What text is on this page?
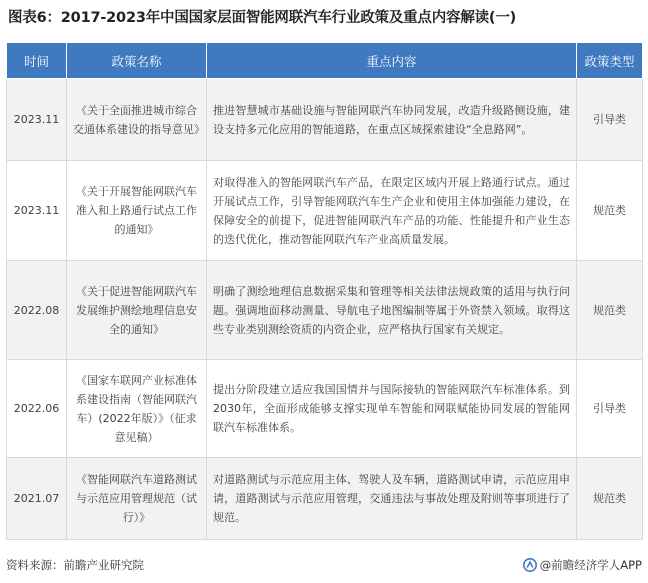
图表6：2017-2023年中国国家层面智能网联汽车行业政策及重点内容解读(一)
时间	政策名称	重点内容	政策类型
2023.11	《关于全面推进城市综合交通体系建设的指导意见》	推进智慧城市基础设施与智能网联汽车协同发展，改造升级路侧设施，建设支持多元化应用的智能道路，在重点区域探索建设“全息路网”。	引导类
2023.11	《关于开展智能网联汽车准入和上路通行试点工作的通知》	对取得准入的智能网联汽车产品，在限定区域内开展上路通行试点。通过开展试点工作，引导智能网联汽车生产企业和使用主体加强能力建设，在保障安全的前提下，促进智能网联汽车产品的功能、性能提升和产业生态的迭代优化，推动智能网联汽车产业高质量发展。	规范类
2022.08	《关于促进智能网联汽车发展维护测绘地理信息安全的通知》	明确了测绘地理信息数据采集和管理等相关法律法规政策的适用与执行问题。强调地面移动测量、导航电子地图编制等属于外资禁入领域。取得这些专业类别测绘资质的内资企业，应严格执行国家有关规定。	规范类
2022.06	《国家车联网产业标准体系建设指南（智能网联汽车）(2022年版）》（征求意见稿）	提出分阶段建立适应我国国情并与国际接轨的智能网联汽车标准体系。到2030年，全面形成能够支撑实现单车智能和网联赋能协同发展的智能网联汽车标准体系。	引导类
2021.07	《智能网联汽车道路测试与示范应用管理规范（试行）》	对道路测试与示范应用主体、驾驶人及车辆，道路测试申请，示范应用申请，道路测试与示范应用管理，交通违法与事故处理及附则等事项进行了规范。	规范类
资料来源：前瞻产业研究院	@前瞻经济学人APP
